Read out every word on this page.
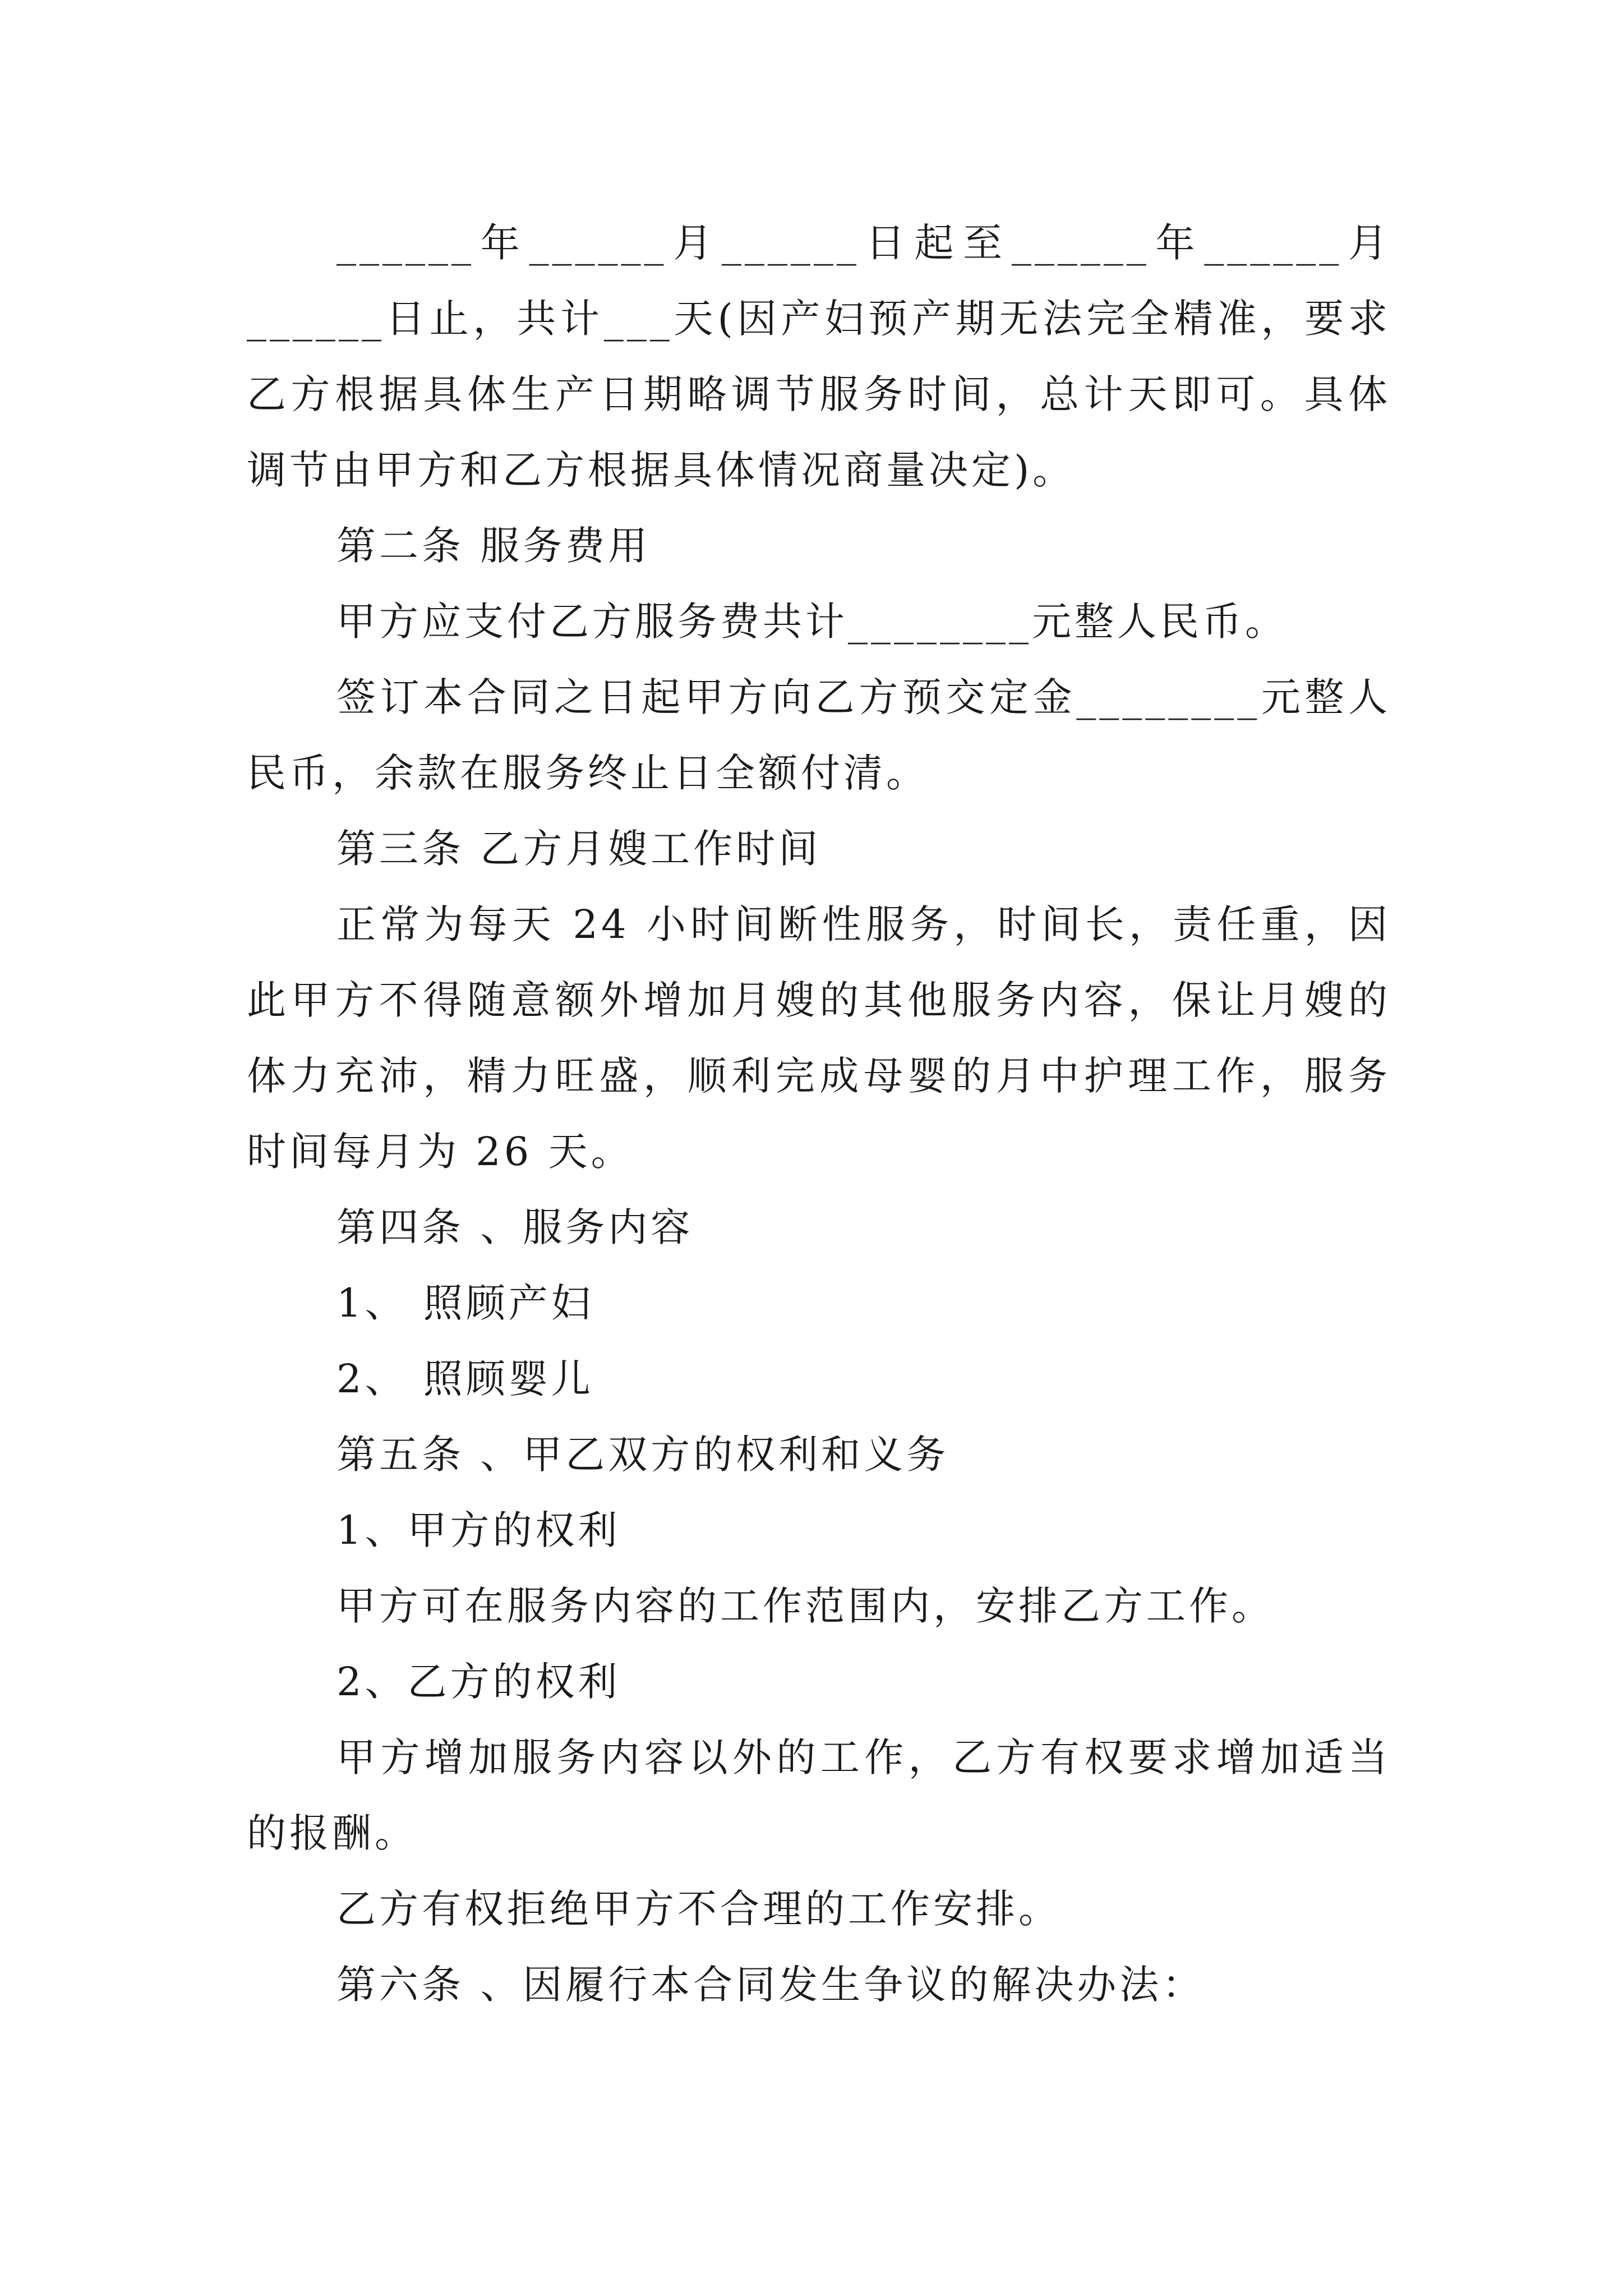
______年______月______日起至______年______月
______日止，共计___天(因产妇预产期无法完全精准，要求
乙方根据具体生产日期略调节服务时间，总计天即可。具体
调节由甲方和乙方根据具体情况商量决定)。
第二条 服务费用
甲方应支付乙方服务费共计________元整人民币。
签订本合同之日起甲方向乙方预交定金________元整人
民币，余款在服务终止日全额付清。
第三条 乙方月嫂工作时间
正常为每天 24 小时间断性服务，时间长，责任重，因
此甲方不得随意额外增加月嫂的其他服务内容，保让月嫂的
体力充沛，精力旺盛，顺利完成母婴的月中护理工作，服务
时间每月为 26 天。
第四条 、服务内容
1、 照顾产妇
2、 照顾婴儿
第五条 、甲乙双方的权利和义务
1、甲方的权利
甲方可在服务内容的工作范围内，安排乙方工作。
2、乙方的权利
甲方增加服务内容以外的工作，乙方有权要求增加适当
的报酬。
乙方有权拒绝甲方不合理的工作安排。
第六条 、因履行本合同发生争议的解决办法：
